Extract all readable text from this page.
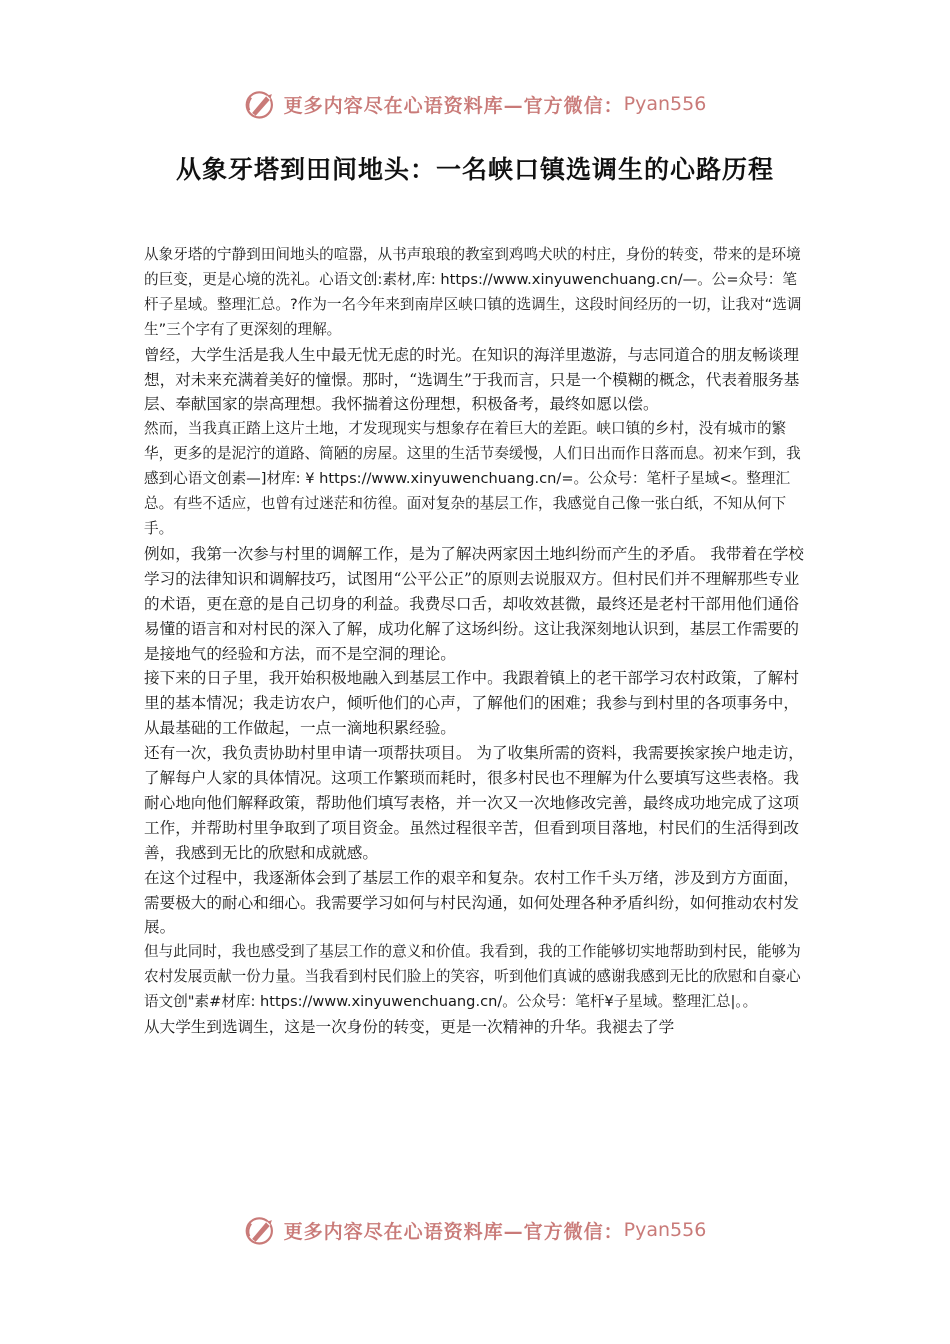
更多内容尽在心语资料库—官方微信： Pyan556
从象牙塔到田间地头：一名峡口镇选调生的心路历程

从象牙塔的宁静到田间地头的喧嚣，从书声琅琅的教室到鸡鸣犬吠的村庄，身份的转变，带来的是环境的巨变，更是心境的洗礼。心语文创:素材,库: https://www.xinyuwenchuang.cn/—。公=众号：笔杆子星域。整理汇总。?作为一名今年来到南岸区峡口镇的选调生，这段时间经历的一切，让我对“选调生”三个字有了更深刻的理解。

曾经，大学生活是我人生中最无忧无虑的时光。在知识的海洋里遨游，与志同道合的朋友畅谈理想，对未来充满着美好的憧憬。那时，“选调生”于我而言，只是一个模糊的概念，代表着服务基层、奉献国家的崇高理想。我怀揣着这份理想，积极备考，最终如愿以偿。

然而，当我真正踏上这片土地，才发现现实与想象存在着巨大的差距。峡口镇的乡村，没有城市的繁华，更多的是泥泞的道路、简陋的房屋。这里的生活节奏缓慢，人们日出而作日落而息。初来乍到，我感到心语文创素—]材库: ¥ https://www.xinyuwenchuang.cn/=。公众号：笔杆子星域<。整理汇总。有些不适应，也曾有过迷茫和彷徨。面对复杂的基层工作，我感觉自己像一张白纸，不知从何下手。

例如，我第一次参与村里的调解工作，是为了解决两家因土地纠纷而产生的矛盾。 我带着在学校学习的法律知识和调解技巧，试图用“公平公正”的原则去说服双方。但村民们并不理解那些专业的术语，更在意的是自己切身的利益。我费尽口舌，却收效甚微，最终还是老村干部用他们通俗易懂的语言和对村民的深入了解，成功化解了这场纠纷。这让我深刻地认识到，基层工作需要的是接地气的经验和方法，而不是空洞的理论。

接下来的日子里，我开始积极地融入到基层工作中。我跟着镇上的老干部学习农村政策，了解村里的基本情况；我走访农户，倾听他们的心声，了解他们的困难；我参与到村里的各项事务中，从最基础的工作做起，一点一滴地积累经验。

还有一次，我负责协助村里申请一项帮扶项目。 为了收集所需的资料，我需要挨家挨户地走访，了解每户人家的具体情况。这项工作繁琐而耗时，很多村民也不理解为什么要填写这些表格。我耐心地向他们解释政策，帮助他们填写表格，并一次又一次地修改完善，最终成功地完成了这项工作，并帮助村里争取到了项目资金。虽然过程很辛苦，但看到项目落地，村民们的生活得到改善，我感到无比的欣慰和成就感。

在这个过程中，我逐渐体会到了基层工作的艰辛和复杂。农村工作千头万绪，涉及到方方面面，需要极大的耐心和细心。我需要学习如何与村民沟通，如何处理各种矛盾纠纷，如何推动农村发展。

但与此同时，我也感受到了基层工作的意义和价值。我看到，我的工作能够切实地帮助到村民，能够为农村发展贡献一份力量。当我看到村民们脸上的笑容，听到他们真诚的感谢我感到无比的欣慰和自豪心语文创"素#材库: https://www.xinyuwenchuang.cn/。公众号：笔杆¥子星域。整理汇总|。。

从大学生到选调生，这是一次身份的转变，更是一次精神的升华。我褪去了学

更多内容尽在心语资料库—官方微信： Pyan556
